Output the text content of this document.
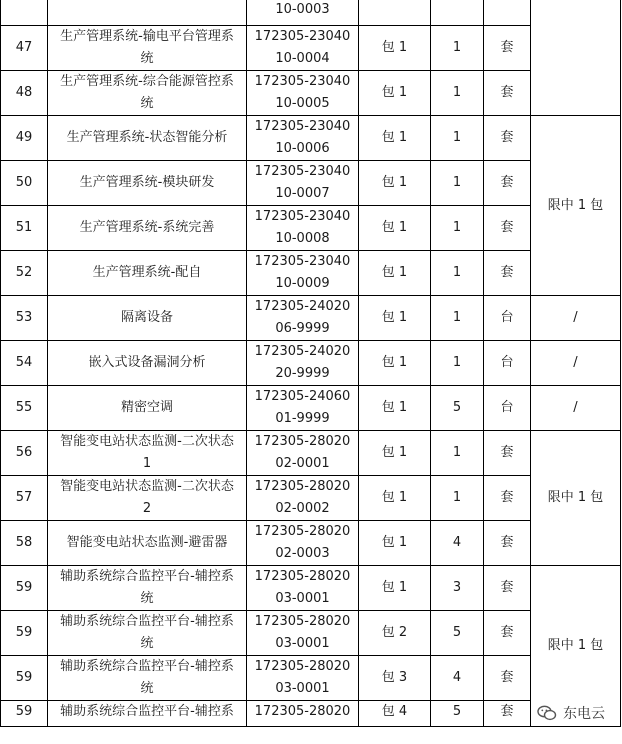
		10-0003				
47	生产管理系统-输电平台管理系统	172305-2304010-0004	包 1	1	套	
48	生产管理系统-综合能源管控系统	172305-2304010-0005	包 1	1	套	
49	生产管理系统-状态智能分析	172305-2304010-0006	包 1	1	套	限中 1 包
50	生产管理系统-模块研发	172305-2304010-0007	包 1	1	套	
51	生产管理系统-系统完善	172305-2304010-0008	包 1	1	套	
52	生产管理系统-配自	172305-2304010-0009	包 1	1	套	
53	隔离设备	172305-2402006-9999	包 1	1	台	/
54	嵌入式设备漏洞分析	172305-2402020-9999	包 1	1	台	/
55	精密空调	172305-2406001-9999	包 1	5	台	/
56	智能变电站状态监测-二次状态 1	172305-2802002-0001	包 1	1	套	限中 1 包
57	智能变电站状态监测-二次状态 2	172305-2802002-0002	包 1	1	套	
58	智能变电站状态监测-避雷器	172305-2802002-0003	包 1	4	套	
59	辅助系统综合监控平台-辅控系统	172305-2802003-0001	包 1	3	套	限中 1 包
59	辅助系统综合监控平台-辅控系统	172305-2802003-0001	包 2	5	套	
59	辅助系统综合监控平台-辅控系统	172305-2802003-0001	包 3	4	套	
59	辅助系统综合监控平台-辅控系	172305-28020	包 4	5	套		东电云
